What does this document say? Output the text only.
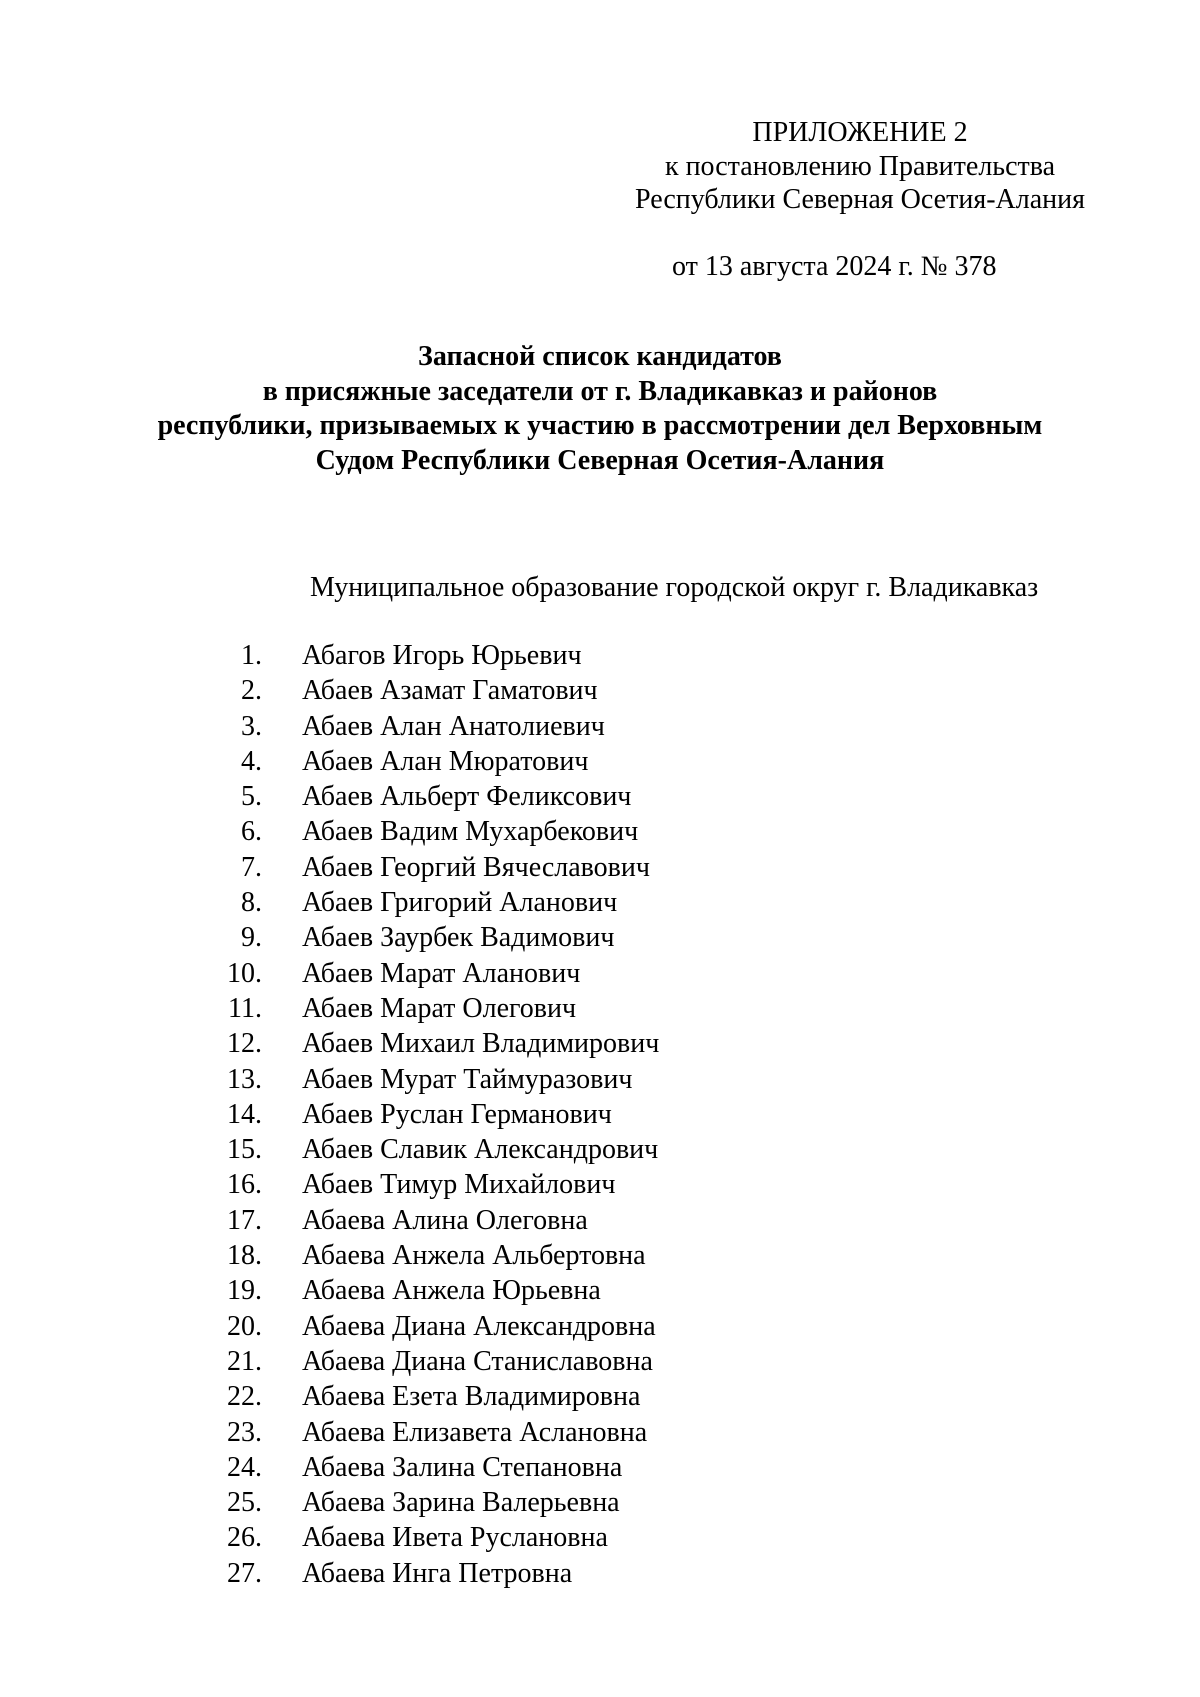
ПРИЛОЖЕНИЕ 2
к постановлению Правительства
Республики Северная Осетия-Алания
от 13 августа 2024 г. № 378
Запасной список кандидатов
в присяжные заседатели от г. Владикавказ и районов
республики, призываемых к участию в рассмотрении дел Верховным
Судом Республики Северная Осетия-Алания
Муниципальное образование городской округ г. Владикавказ
1. Абагов Игорь Юрьевич
2. Абаев Азамат Гаматович
3. Абаев Алан Анатолиевич
4. Абаев Алан Мюратович
5. Абаев Альберт Феликсович
6. Абаев Вадим Мухарбекович
7. Абаев Георгий Вячеславович
8. Абаев Григорий Аланович
9. Абаев Заурбек Вадимович
10. Абаев Марат Аланович
11. Абаев Марат Олегович
12. Абаев Михаил Владимирович
13. Абаев Мурат Таймуразович
14. Абаев Руслан Германович
15. Абаев Славик Александрович
16. Абаев Тимур Михайлович
17. Абаева Алина Олеговна
18. Абаева Анжела Альбертовна
19. Абаева Анжела Юрьевна
20. Абаева Диана Александровна
21. Абаева Диана Станиславовна
22. Абаева Езета Владимировна
23. Абаева Елизавета Аслановна
24. Абаева Залина Степановна
25. Абаева Зарина Валерьевна
26. Абаева Ивета Руслановна
27. Абаева Инга Петровна
